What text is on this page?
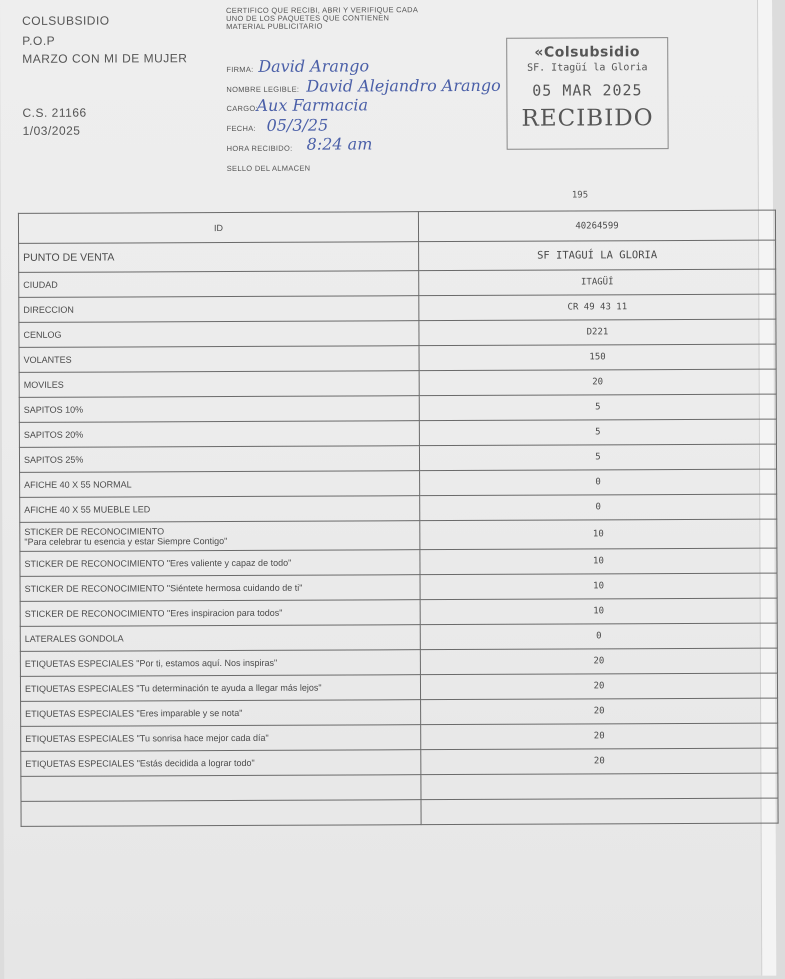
COLSUBSIDIO
P.O.P
MARZO CON MI DE MUJER
C.S. 21166
1/03/2025
CERTIFICO QUE RECIBI, ABRI Y VERIFIQUE CADA UNO DE LOS PAQUETES QUE CONTIENEN MATERIAL PUBLICITARIO
FIRMA: David Arango
NOMBRE LEGIBLE: David Alejandro Arango
CARGO:
Aux Farmacia
FECHA: 05/3/25
HORA RECIBIDO: 8:24 am
SELLO DEL ALMACEN
«Colsubsidio
SF. Itagüí la Gloria
05 MAR 2025
RECIBIDO
195
ID	40264599
PUNTO DE VENTA	SF ITAGUÍ LA GLORIA
CIUDAD	ITAGÜÍ
DIRECCION	CR 49 43 11
CENLOG	D221
VOLANTES	150
MOVILES	20
SAPITOS 10%	5
SAPITOS 20%	5
SAPITOS 25%	5
AFICHE 40 X 55 NORMAL	0
AFICHE 40 X 55 MUEBLE LED	0

STICKER DE RECONOCIMIENTO
"Para celebrar tu esencia y estar Siempre Contigo"	10
STICKER DE RECONOCIMIENTO "Eres valiente y capaz de todo"	10
STICKER DE RECONOCIMIENTO "Siéntete hermosa cuidando de ti"	10
STICKER DE RECONOCIMIENTO "Eres inspiracion para todos"	10
LATERALES GONDOLA	0
ETIQUETAS ESPECIALES "Por ti, estamos aquí. Nos inspiras"	20
ETIQUETAS ESPECIALES "Tu determinación te ayuda a llegar más lejos"	20
ETIQUETAS ESPECIALES "Eres imparable y se nota"	20
ETIQUETAS ESPECIALES "Tu sonrisa hace mejor cada día"	20
ETIQUETAS ESPECIALES "Estás decidida a lograr todo"	20
